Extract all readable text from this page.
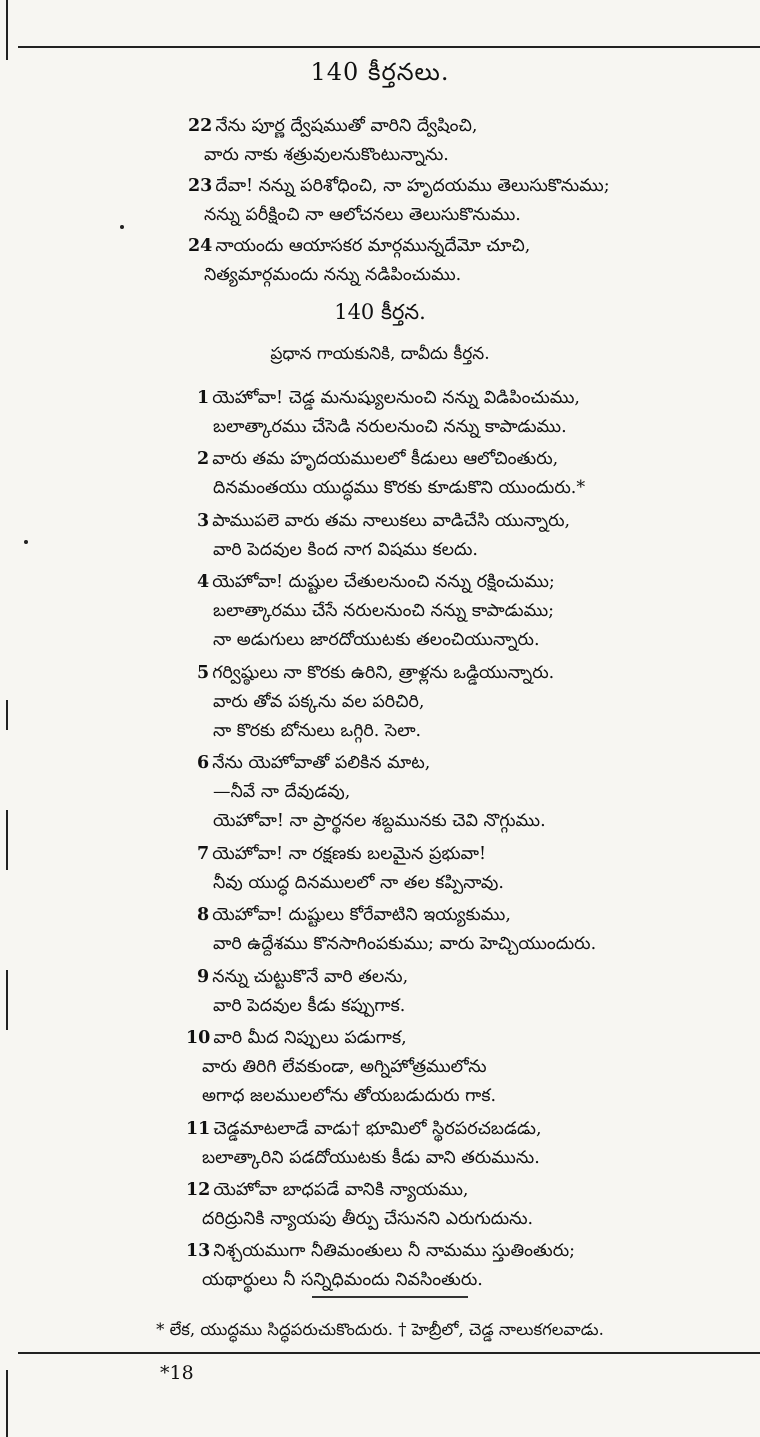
140 కీర్తనలు.
22 నేను పూర్ణ ద్వేషముతో వారిని ద్వేషించి,
వారు నాకు శత్రువులనుకొంటున్నాను.
23 దేవా! నన్ను పరిశోధించి, నా హృదయము తెలుసుకొనుము;
నన్ను పరీక్షించి నా ఆలోచనలు తెలుసుకొనుము.
24 నాయందు ఆయాసకర మార్గమున్నదేమో చూచి,
నిత్యమార్గమందు నన్ను నడిపించుము.
140 కీర్తన.
ప్రధాన గాయకునికి, దావీదు కీర్తన.
1 యెహోవా! చెడ్డ మనుష్యులనుంచి నన్ను విడిపించుము,
బలాత్కారము చేసెడి నరులనుంచి నన్ను కాపాడుము.
2 వారు తమ హృదయములలో కీడులు ఆలోచింతురు,
దినమంతయు యుద్ధము కొరకు కూడుకొని యుందురు.*
3 పాముపలె వారు తమ నాలుకలు వాడిచేసి యున్నారు,
వారి పెదవుల కింద నాగ విషము కలదు.
4 యెహోవా! దుష్టుల చేతులనుంచి నన్ను రక్షించుము;
బలాత్కారము చేసే నరులనుంచి నన్ను కాపాడుము;
నా అడుగులు జారదోయుటకు తలంచియున్నారు.
5 గర్విష్ఠులు నా కొరకు ఉరిని, త్రాళ్లను ఒడ్డియున్నారు.
వారు తోవ పక్కను వల పరిచిరి,
నా కొరకు బోనులు ఒగ్గిరి. సెలా.
6 నేను యెహోవాతో పలికిన మాట,
—నీవే నా దేవుడవు,
యెహోవా! నా ప్రార్థనల శబ్దమునకు చెవి నొగ్గుము.
7 యెహోవా! నా రక్షణకు బలమైన ప్రభువా!
నీవు యుద్ధ దినములలో నా తల కప్పినావు.
8 యెహోవా! దుష్టులు కోరేవాటిని ఇయ్యకుము,
వారి ఉద్దేశము కొనసాగింపకుము; వారు హెచ్చియుందురు.
9 నన్ను చుట్టుకొనే వారి తలను,
వారి పెదవుల కీడు కప్పుగాక.
10 వారి మీద నిప్పులు పడుగాక,
వారు తిరిగి లేవకుండా, అగ్నిహోత్రములోను
అగాధ జలములలోను తోయబడుదురు గాక.
11 చెడ్డమాటలాడే వాడు† భూమిలో స్థిరపరచబడడు,
బలాత్కారిని పడదోయుటకు కీడు వాని తరుమును.
12 యెహోవా బాధపడే వానికి న్యాయము,
దరిద్రునికి న్యాయపు తీర్పు చేసునని ఎరుగుదును.
13 నిశ్చయముగా నీతిమంతులు నీ నామము స్తుతింతురు;
యథార్థులు నీ సన్నిధిమందు నివసింతురు.
* లేక, యుద్ధము సిద్ధపరుచుకొందురు. † హెబ్రీలో, చెడ్డ నాలుకగలవాడు.
*18
